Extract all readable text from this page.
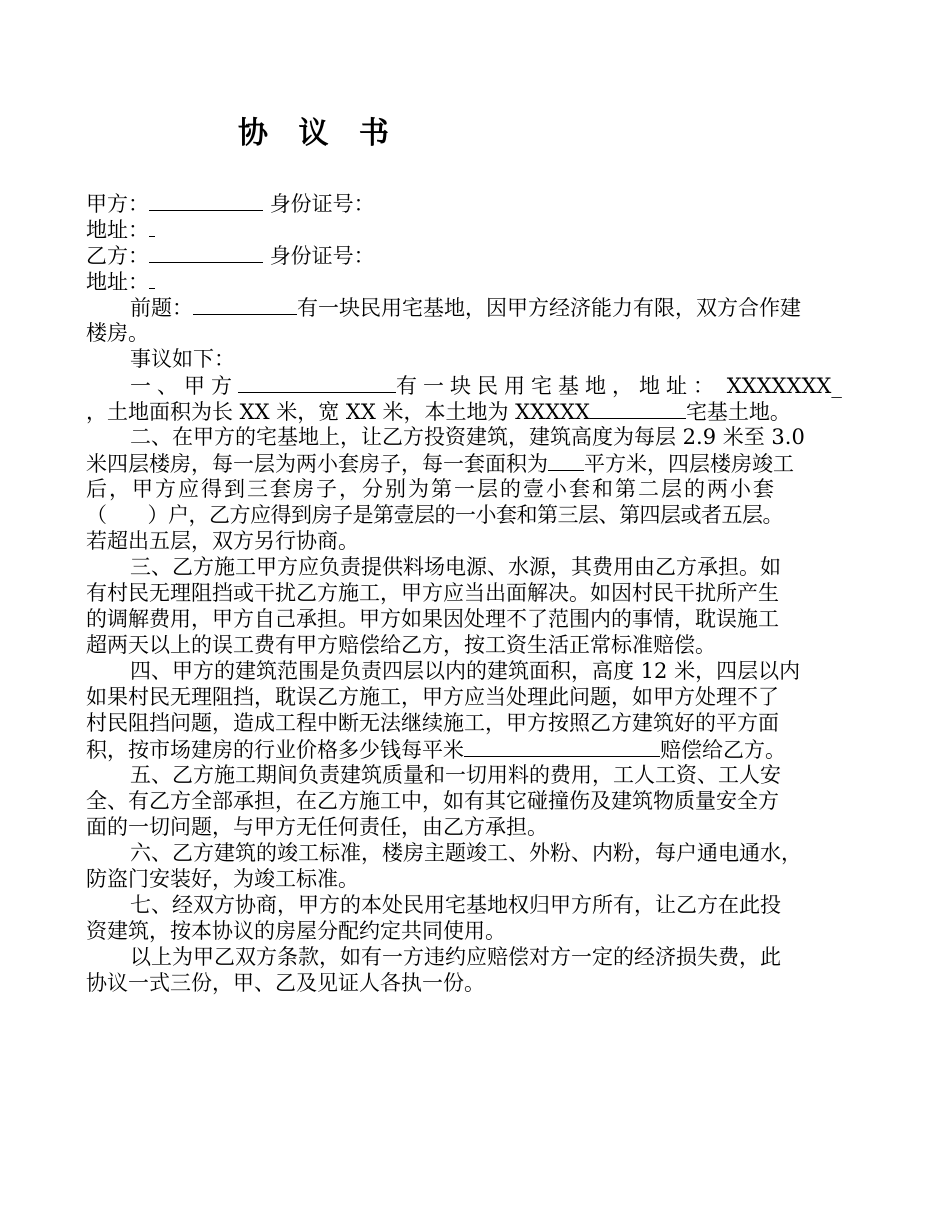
协 议 书
甲方：	身份证号：
地址：
乙方：	身份证号：
地址：
前题：	有一块民用宅基地，因甲方经济能力有限，双方合作建
楼房。
事议如下：
一、甲方	有一块民用宅基地，地址： XXXXXXX_
，土地面积为长 XX 米，宽 XX 米，本土地为 XXXXX	宅基土地。
二、在甲方的宅基地上，让乙方投资建筑，建筑高度为每层 2.9 米至 3.0
米四层楼房，每一层为两小套房子，每一套面积为 平方米，四层楼房竣工
后，甲方应得到三套房子，分别为第一层的壹小套和第二层的两小套
（　　）户，乙方应得到房子是第壹层的一小套和第三层、第四层或者五层。
若超出五层，双方另行协商。
三、乙方施工甲方应负责提供料场电源、水源，其费用由乙方承担。如
有村民无理阻挡或干扰乙方施工，甲方应当出面解决。如因村民干扰所产生
的调解费用，甲方自己承担。甲方如果因处理不了范围内的事情，耽误施工
超两天以上的误工费有甲方赔偿给乙方，按工资生活正常标准赔偿。
四、甲方的建筑范围是负责四层以内的建筑面积，高度 12 米，四层以内
如果村民无理阻挡，耽误乙方施工，甲方应当处理此问题，如甲方处理不了
村民阻挡问题，造成工程中断无法继续施工，甲方按照乙方建筑好的平方面
积，按市场建房的行业价格多少钱每平米	赔偿给乙方。
五、乙方施工期间负责建筑质量和一切用料的费用，工人工资、工人安
全、有乙方全部承担，在乙方施工中，如有其它碰撞伤及建筑物质量安全方
面的一切问题，与甲方无任何责任，由乙方承担。
六、乙方建筑的竣工标准，楼房主题竣工、外粉、内粉，每户通电通水，
防盗门安装好，为竣工标准。
七、经双方协商，甲方的本处民用宅基地权归甲方所有，让乙方在此投
资建筑，按本协议的房屋分配约定共同使用。
以上为甲乙双方条款，如有一方违约应赔偿对方一定的经济损失费，此
协议一式三份，甲、乙及见证人各执一份。
